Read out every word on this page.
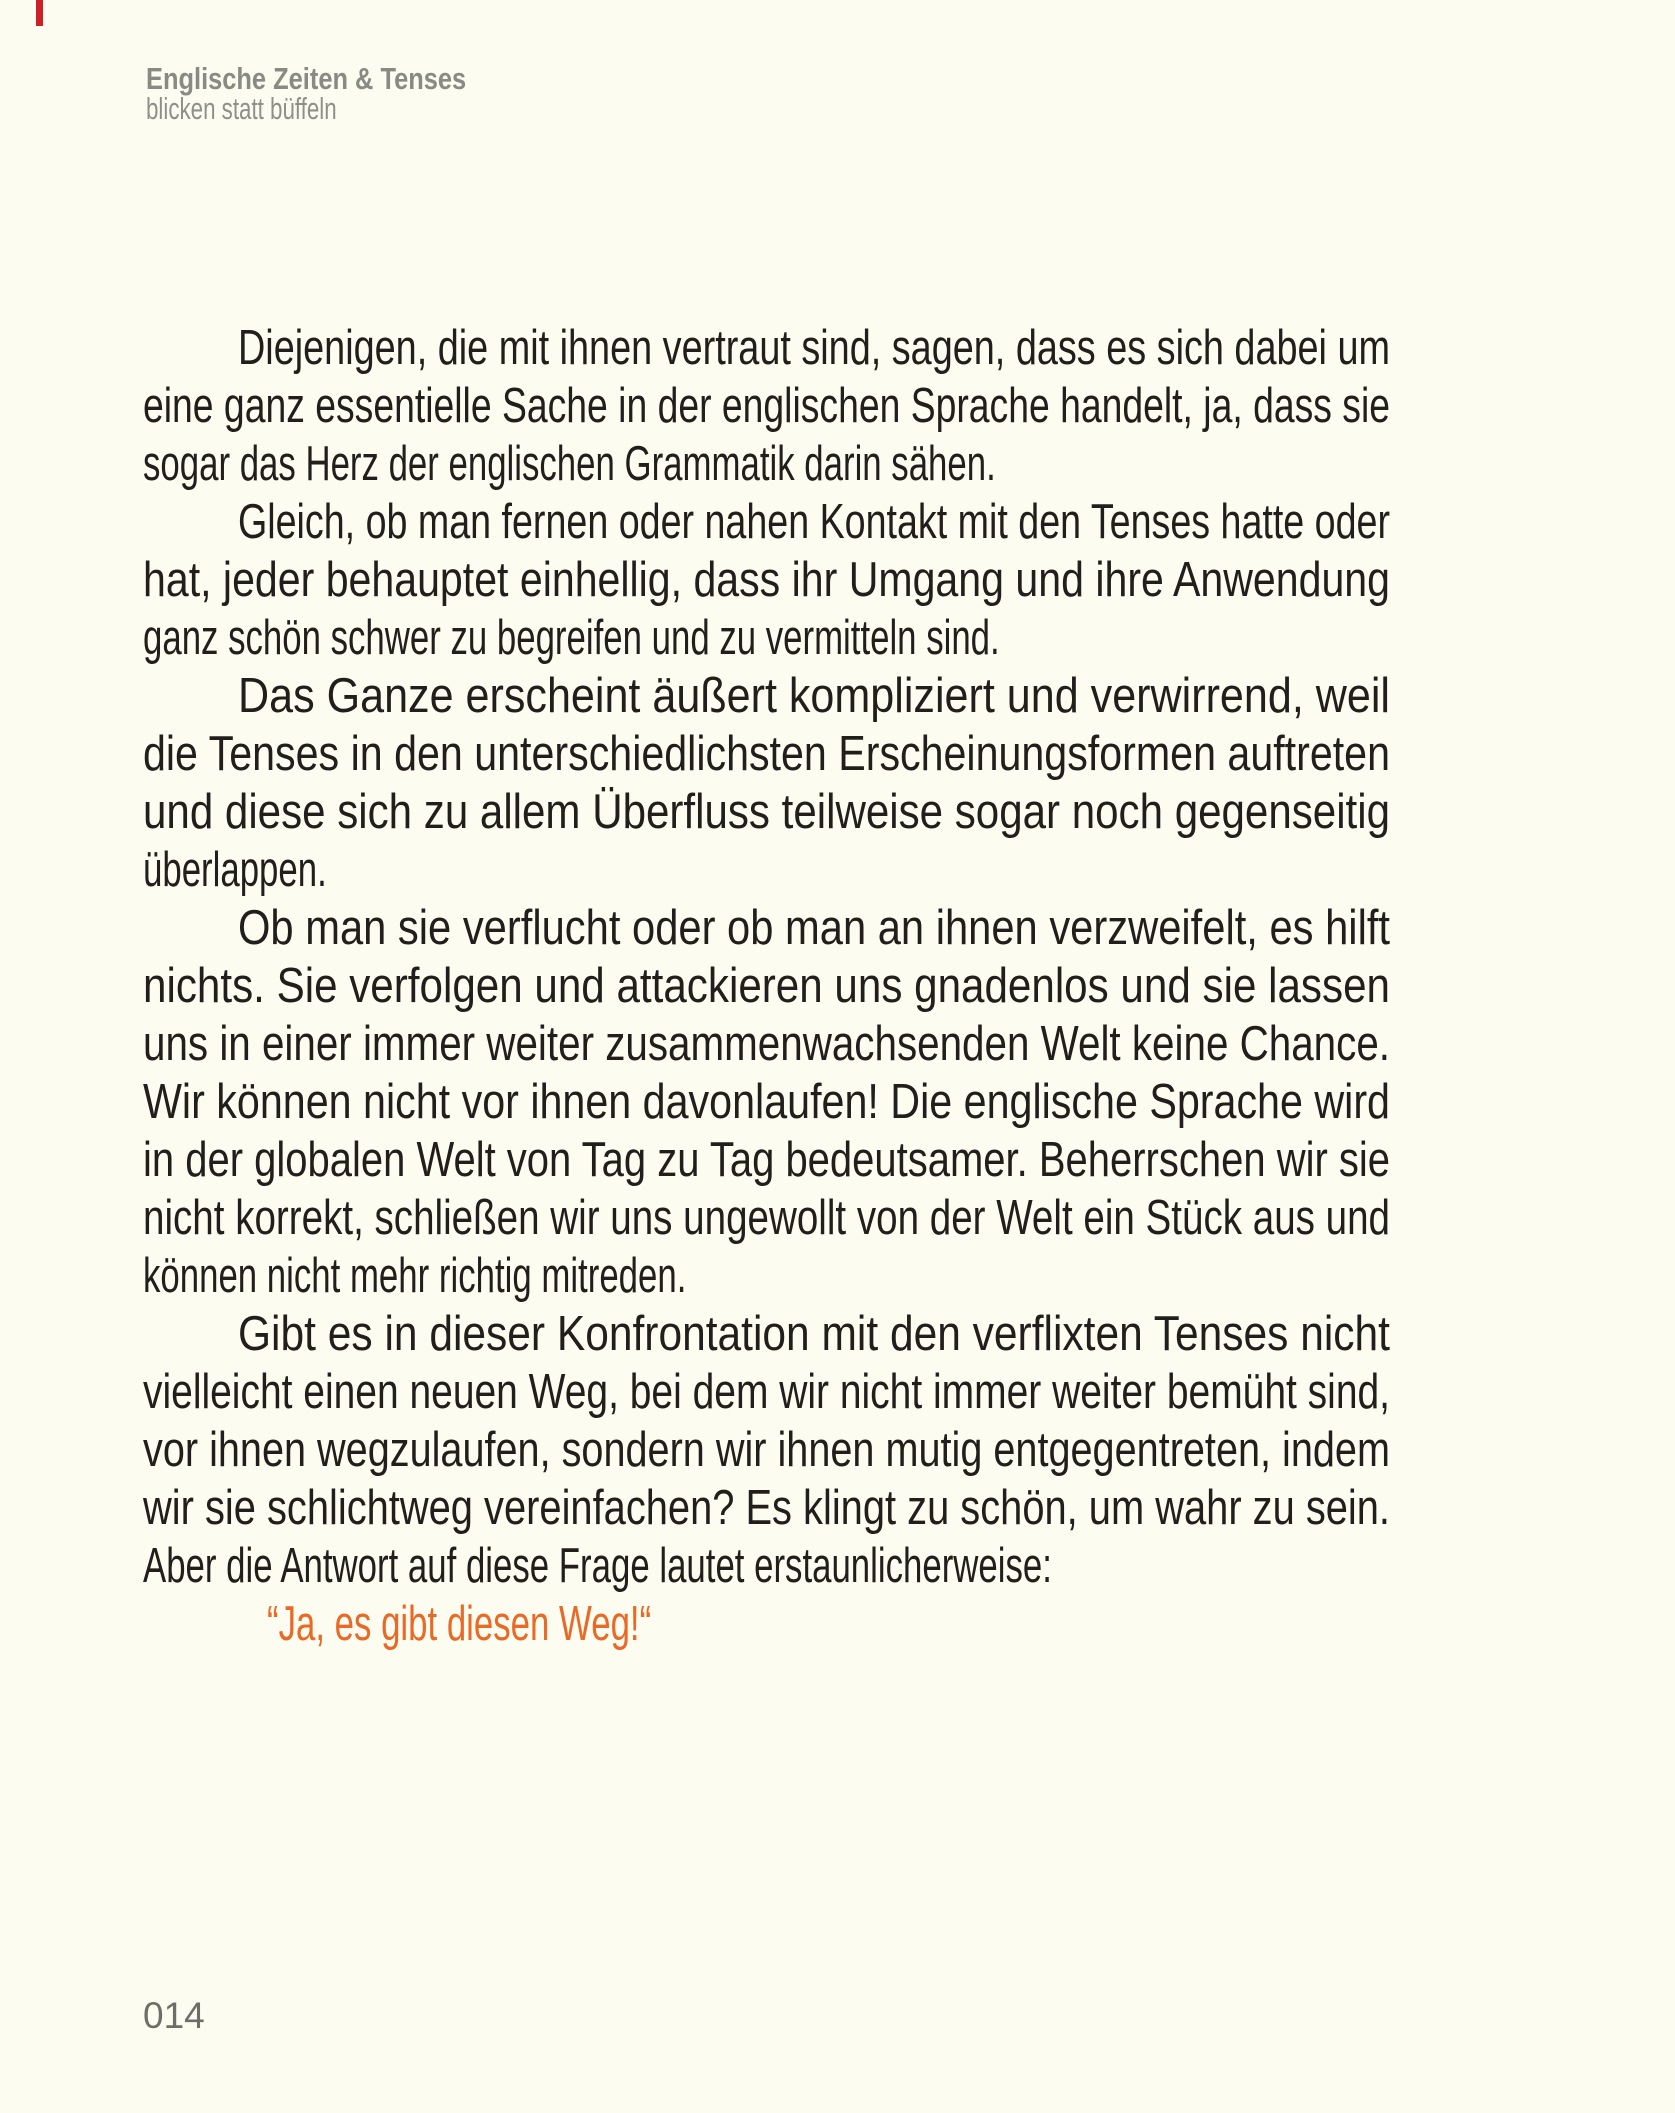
Englische Zeiten & Tenses
blicken statt büffeln
Diejenigen, die mit ihnen vertraut sind, sagen, dass es sich dabei um
eine ganz essentielle Sache in der englischen Sprache handelt, ja, dass sie
sogar das Herz der englischen Grammatik darin sähen.
Gleich, ob man fernen oder nahen Kontakt mit den Tenses hatte oder
hat, jeder behauptet einhellig, dass ihr Umgang und ihre Anwendung
ganz schön schwer zu begreifen und zu vermitteln sind.
Das Ganze erscheint äußert kompliziert und verwirrend, weil
die Tenses in den unterschiedlichsten Erscheinungsformen auftreten
und diese sich zu allem Überfluss teilweise sogar noch gegenseitig
überlappen.
Ob man sie verflucht oder ob man an ihnen verzweifelt, es hilft
nichts. Sie verfolgen und attackieren uns gnadenlos und sie lassen
uns in einer immer weiter zusammenwachsenden Welt keine Chance.
Wir können nicht vor ihnen davonlaufen! Die englische Sprache wird
in der globalen Welt von Tag zu Tag bedeutsamer. Beherrschen wir sie
nicht korrekt, schließen wir uns ungewollt von der Welt ein Stück aus und
können nicht mehr richtig mitreden.
Gibt es in dieser Konfrontation mit den verflixten Tenses nicht
vielleicht einen neuen Weg, bei dem wir nicht immer weiter bemüht sind,
vor ihnen wegzulaufen, sondern wir ihnen mutig entgegentreten, indem
wir sie schlichtweg vereinfachen? Es klingt zu schön, um wahr zu sein.
Aber die Antwort auf diese Frage lautet erstaunlicherweise:
“Ja, es gibt diesen Weg!“
014
